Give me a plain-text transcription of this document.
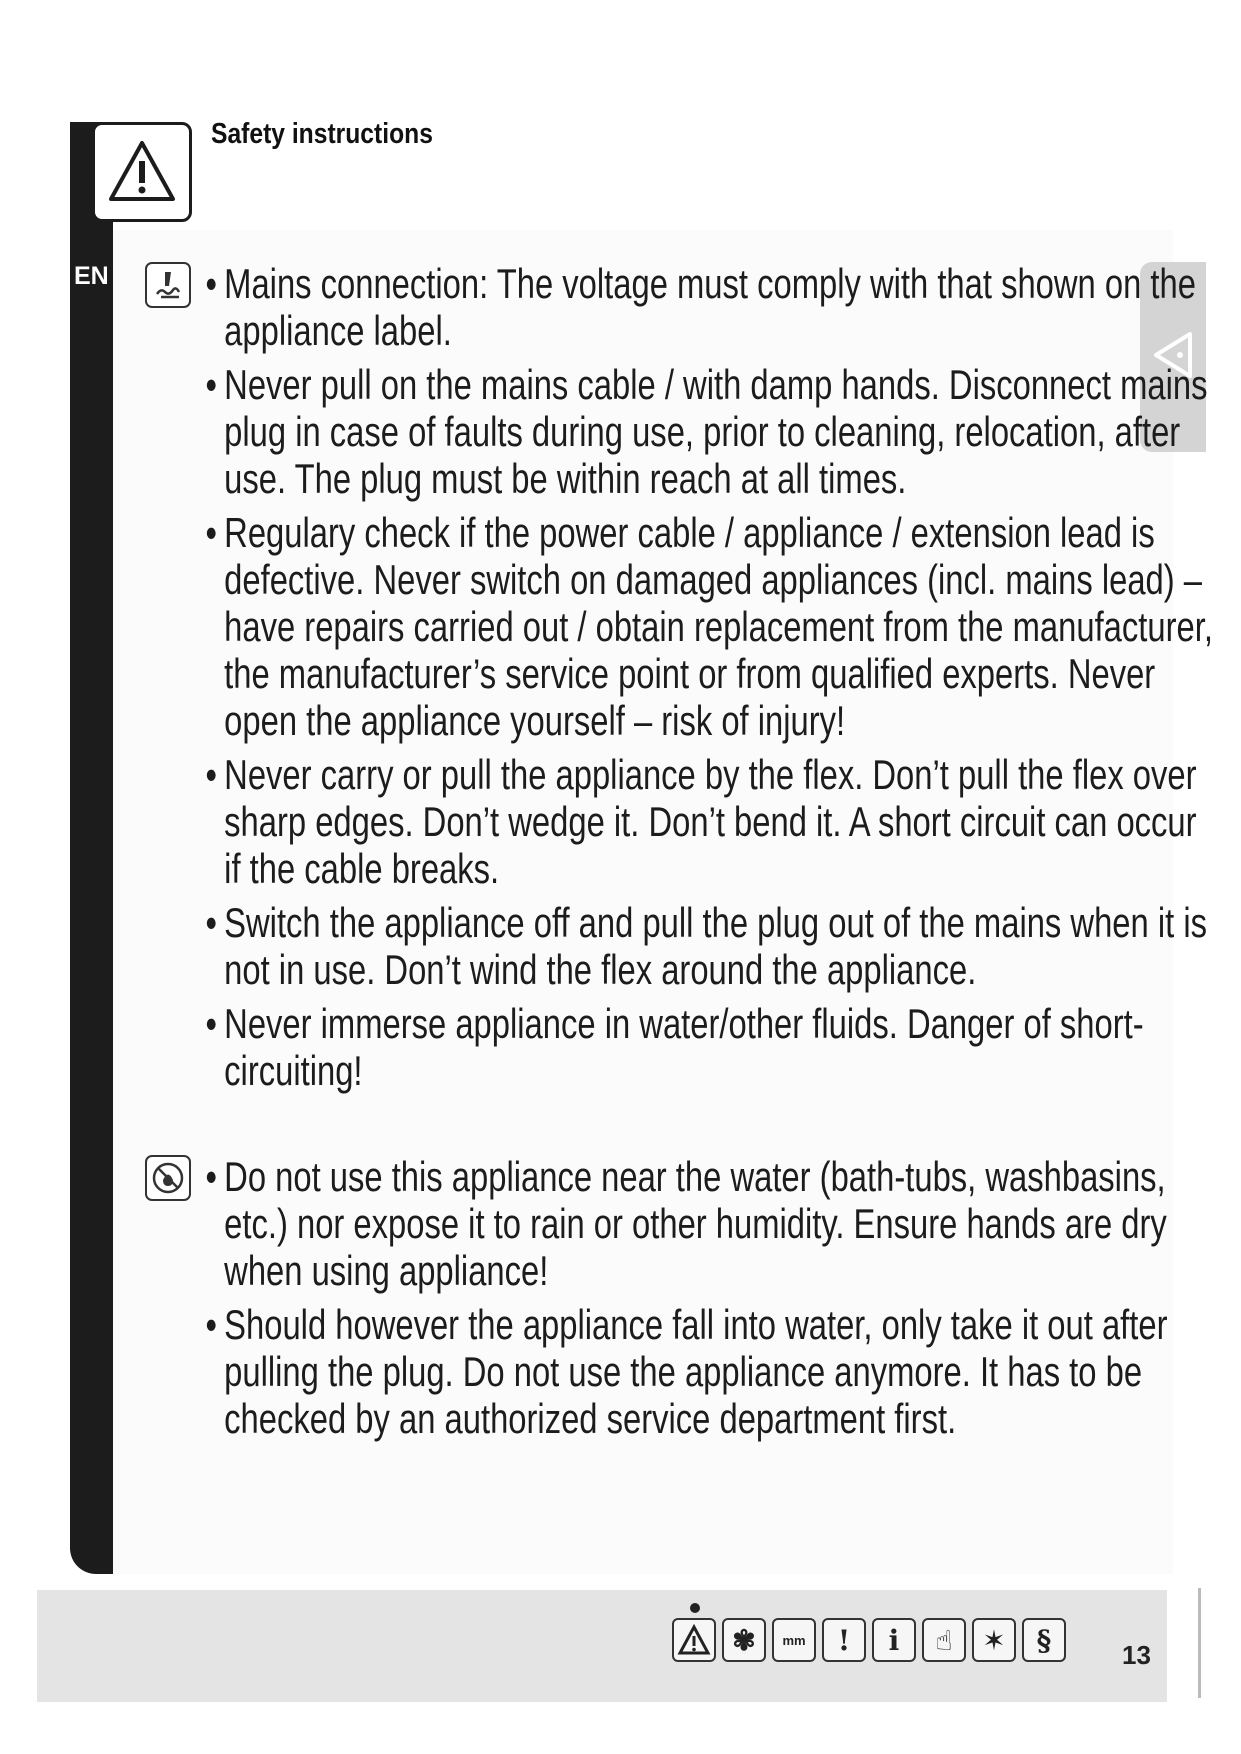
EN
Safety instructions
• Mains connection: The voltage must comply with that shown on the appliance label.
• Never pull on the mains cable / with damp hands. Disconnect mains plug in case of faults during use, prior to cleaning, relocation, after use. The plug must be within reach at all times.
• Regulary check if the power cable / appliance / extension lead is defective. Never switch on damaged appliances (incl. mains lead) – have repairs carried out / obtain replacement from the manufacturer, the manufacturer’s service point or from qualified experts. Never open the appliance yourself – risk of injury!
• Never carry or pull the appliance by the flex. Don’t pull the flex over sharp edges. Don’t wedge it. Don’t bend it. A short circuit can occur if the cable breaks.
• Switch the appliance off and pull the plug out of the mains when it is not in use. Don’t wind the flex around the appliance.
• Never immerse appliance in water/other fluids. Danger of short-circuiting!
• Do not use this appliance near the water (bath-tubs, washbasins, etc.) nor expose it to rain or other humidity. Ensure hands are dry when using appliance!
• Should however the appliance fall into water, only take it out after pulling the plug. Do not use the appliance anymore. It has to be checked by an authorized service department first.
✾ mm ! i ☝ ✶ §	13
